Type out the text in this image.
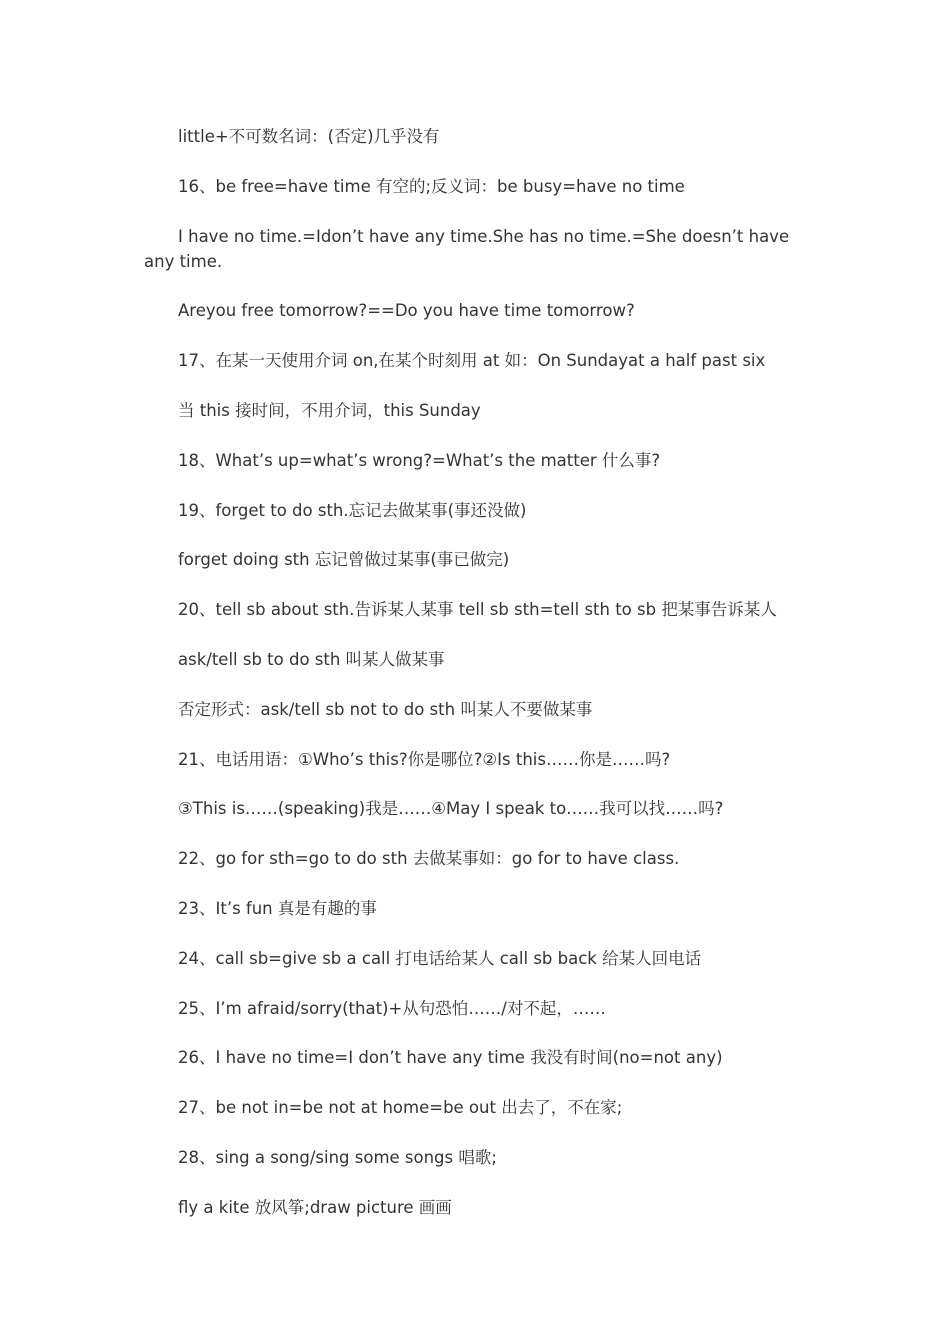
little+不可数名词：(否定)几乎没有

16、be free=have time 有空的;反义词：be busy=have no time

I have no time.=Idon’t have any time.She has no time.=She doesn’t have any time.

Areyou free tomorrow?==Do you have time tomorrow?

17、在某一天使用介词 on,在某个时刻用 at 如：On Sundayat a half past six

当 this 接时间，不用介词，this Sunday

18、What’s up=what’s wrong?=What’s the matter 什么事?

19、forget to do sth.忘记去做某事(事还没做)

forget doing sth 忘记曾做过某事(事已做完)

20、tell sb about sth.告诉某人某事 tell sb sth=tell sth to sb 把某事告诉某人

ask/tell sb to do sth 叫某人做某事

否定形式：ask/tell sb not to do sth 叫某人不要做某事

21、电话用语：①Who’s this?你是哪位?②Is this……你是……吗?

③This is……(speaking)我是……④May I speak to……我可以找……吗?

22、go for sth=go to do sth 去做某事如：go for to have class.

23、It’s fun 真是有趣的事

24、call sb=give sb a call 打电话给某人 call sb back 给某人回电话

25、I’m afraid/sorry(that)+从句恐怕……/对不起，……

26、I have no time=I don’t have any time 我没有时间(no=not any)

27、be not in=be not at home=be out 出去了，不在家;

28、sing a song/sing some songs 唱歌;

fly a kite 放风筝;draw picture 画画
